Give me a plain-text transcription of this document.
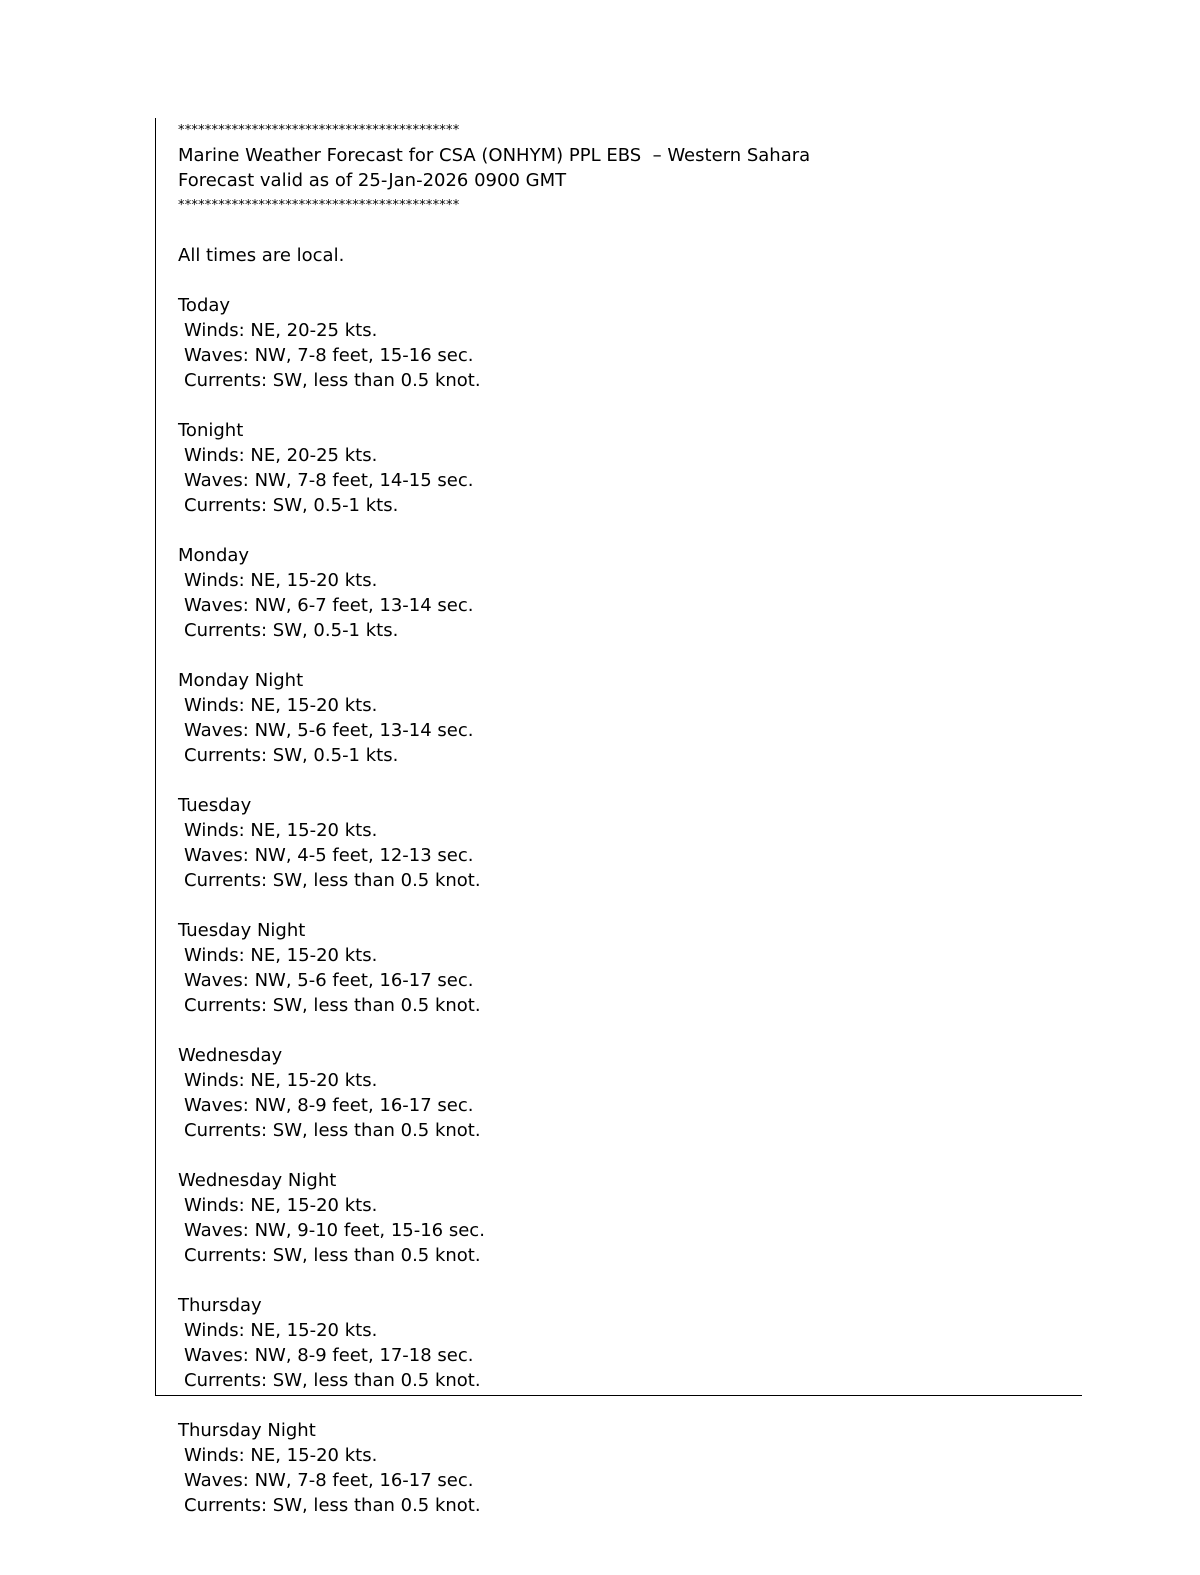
******************************************
Marine Weather Forecast for CSA (ONHYM) PPL EBS  – Western Sahara
Forecast valid as of 25-Jan-2026 0900 GMT
******************************************
All times are local.
Today
Winds: NE, 20-25 kts.
Waves: NW, 7-8 feet, 15-16 sec.
Currents: SW, less than 0.5 knot.
Tonight
Winds: NE, 20-25 kts.
Waves: NW, 7-8 feet, 14-15 sec.
Currents: SW, 0.5-1 kts.
Monday
Winds: NE, 15-20 kts.
Waves: NW, 6-7 feet, 13-14 sec.
Currents: SW, 0.5-1 kts.
Monday Night
Winds: NE, 15-20 kts.
Waves: NW, 5-6 feet, 13-14 sec.
Currents: SW, 0.5-1 kts.
Tuesday
Winds: NE, 15-20 kts.
Waves: NW, 4-5 feet, 12-13 sec.
Currents: SW, less than 0.5 knot.
Tuesday Night
Winds: NE, 15-20 kts.
Waves: NW, 5-6 feet, 16-17 sec.
Currents: SW, less than 0.5 knot.
Wednesday
Winds: NE, 15-20 kts.
Waves: NW, 8-9 feet, 16-17 sec.
Currents: SW, less than 0.5 knot.
Wednesday Night
Winds: NE, 15-20 kts.
Waves: NW, 9-10 feet, 15-16 sec.
Currents: SW, less than 0.5 knot.
Thursday
Winds: NE, 15-20 kts.
Waves: NW, 8-9 feet, 17-18 sec.
Currents: SW, less than 0.5 knot.
Thursday Night
Winds: NE, 15-20 kts.
Waves: NW, 7-8 feet, 16-17 sec.
Currents: SW, less than 0.5 knot.
